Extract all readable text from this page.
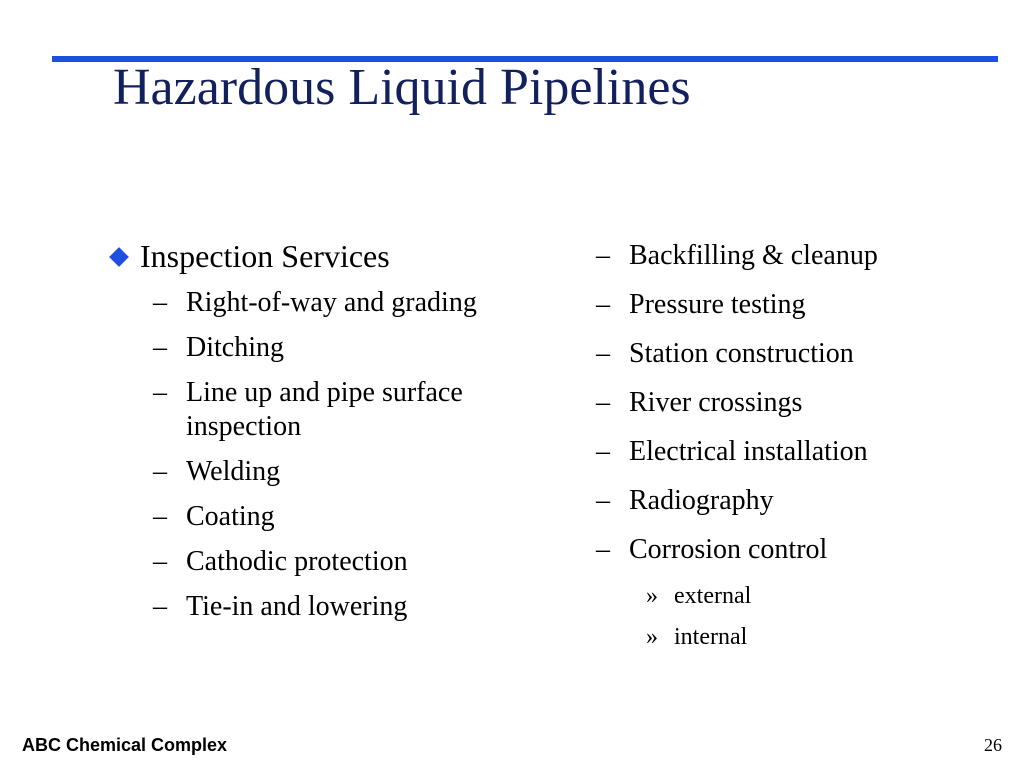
Hazardous Liquid Pipelines
Inspection Services
– Right-of-way and grading
– Ditching
– Line up and pipe surface inspection
– Welding
– Coating
– Cathodic protection
– Tie-in and lowering
– Backfilling & cleanup
– Pressure testing
– Station construction
– River crossings
– Electrical installation
– Radiography
– Corrosion control
» external
» internal
ABC Chemical Complex	26
